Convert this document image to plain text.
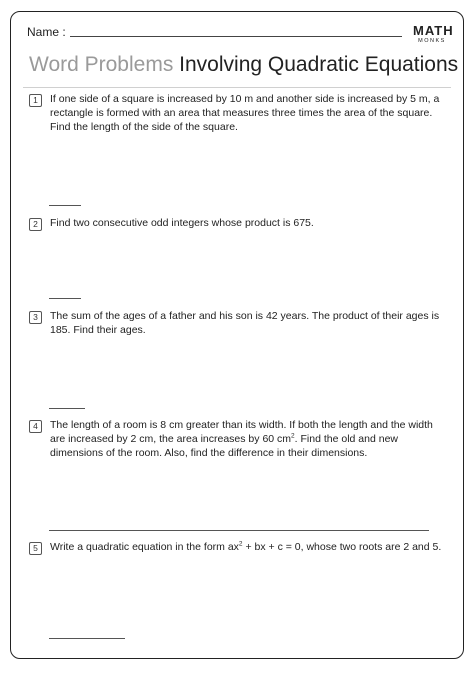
Name :	MATH
MONKS
Word Problems Involving Quadratic Equations
1	If one side of a square is increased by 10 m and another side is increased by 5 m, a rectangle is formed with an area that measures three times the area of the square. Find the length of the side of the square.
2	Find two consecutive odd integers whose product is 675.
3	The sum of the ages of a father and his son is 42 years. The product of their ages is 185. Find their ages.
4	The length of a room is 8 cm greater than its width. If both the length and the width are increased by 2 cm, the area increases by 60 $cm^2$. Find the old and new dimensions of the room. Also, find the difference in their dimensions.
5	Write a quadratic equation in the form $ax^2$ + bx + c = 0, whose two roots are 2 and 5.
